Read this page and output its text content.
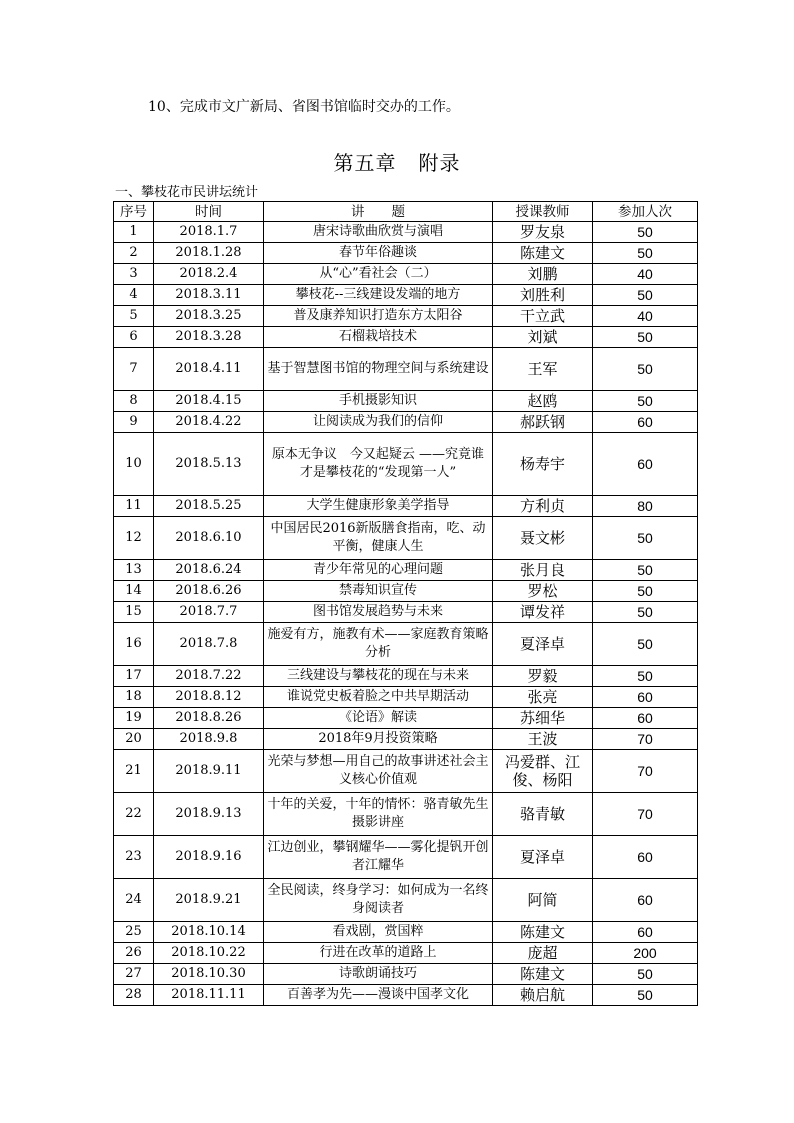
10、完成市文广新局、省图书馆临时交办的工作。
第五章 附录
一、攀枝花市民讲坛统计
序号	时间	讲　　题	授课教师	参加人次
1	2018.1.7	唐宋诗歌曲欣赏与演唱	罗友泉	50
2	2018.1.28	春节年俗趣谈	陈建文	50
3	2018.2.4	从“心”看社会（二）	刘鹏	40
4	2018.3.11	攀枝花--三线建设发端的地方	刘胜利	50
5	2018.3.25	普及康养知识打造东方太阳谷	干立武	40
6	2018.3.28	石榴栽培技术	刘斌	50
7	2018.4.11	基于智慧图书馆的物理空间与系统建设	王军	50
8	2018.4.15	手机摄影知识	赵鸥	50
9	2018.4.22	让阅读成为我们的信仰	郝跃钢	60
10	2018.5.13	原本无争议　今又起疑云 ——究竟谁才是攀枝花的“发现第一人”	杨寿宇	60
11	2018.5.25	大学生健康形象美学指导	方利贞	80
12	2018.6.10	中国居民2016新版膳食指南，吃、动平衡，健康人生	聂文彬	50
13	2018.6.24	青少年常见的心理问题	张月良	50
14	2018.6.26	禁毒知识宣传	罗松	50
15	2018.7.7	图书馆发展趋势与未来	谭发祥	50
16	2018.7.8	施爱有方，施教有术——家庭教育策略分析	夏泽卓	50
17	2018.7.22	三线建设与攀枝花的现在与未来	罗毅	50
18	2018.8.12	谁说党史板着脸之中共早期活动	张亮	60
19	2018.8.26	《论语》解读	苏细华	60
20	2018.9.8	2018年9月投资策略	王波	70
21	2018.9.11	光荣与梦想—用自己的故事讲述社会主义核心价值观	冯爱群、江俊、杨阳	70
22	2018.9.13	十年的关爱，十年的情怀：骆青敏先生摄影讲座	骆青敏	70
23	2018.9.16	江边创业，攀钢耀华——雾化提钒开创者江耀华	夏泽卓	60
24	2018.9.21	全民阅读，终身学习：如何成为一名终身阅读者	阿简	60
25	2018.10.14	看戏剧，赏国粹	陈建文	60
26	2018.10.22	行进在改革的道路上	庞超	200
27	2018.10.30	诗歌朗诵技巧	陈建文	50
28	2018.11.11	百善孝为先——漫谈中国孝文化	赖启航	50
